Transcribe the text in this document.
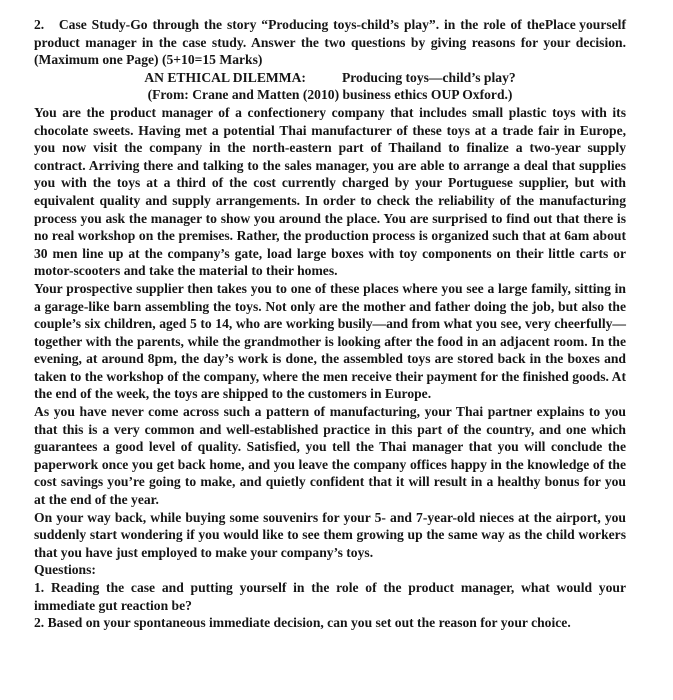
Place yourself
2. Case Study-Go through the story “Producing toys-child’s play”. in the role of the product manager in the case study. Answer the two questions by giving reasons for your decision. (Maximum one Page) (5+10=15 Marks)
AN ETHICAL DILEMMA:	Producing toys—child’s play?
(From: Crane and Matten (2010) business ethics OUP Oxford.)

You are the product manager of a confectionery company that includes small plastic toys with its chocolate sweets. Having met a potential Thai manufacturer of these toys at a trade fair in Europe, you now visit the company in the north-eastern part of Thailand to finalize a two-year supply contract. Arriving there and talking to the sales manager, you are able to arrange a deal that supplies you with the toys at a third of the cost currently charged by your Portuguese supplier, but with equivalent quality and supply arrangements. In order to check the reliability of the manufacturing process you ask the manager to show you around the place. You are surprised to find out that there is no real workshop on the premises. Rather, the production process is organized such that at 6am about 30 men line up at the company’s gate, load large boxes with toy components on their little carts or motor-scooters and take the material to their homes.

Your prospective supplier then takes you to one of these places where you see a large family, sitting in a garage-like barn assembling the toys. Not only are the mother and father doing the job, but also the couple’s six children, aged 5 to 14, who are working busily—and from what you see, very cheerfully—together with the parents, while the grandmother is looking after the food in an adjacent room. In the evening, at around 8pm, the day’s work is done, the assembled toys are stored back in the boxes and taken to the workshop of the company, where the men receive their payment for the finished goods. At the end of the week, the toys are shipped to the customers in Europe.

As you have never come across such a pattern of manufacturing, your Thai partner explains to you that this is a very common and well-established practice in this part of the country, and one which guarantees a good level of quality. Satisfied, you tell the Thai manager that you will conclude the paperwork once you get back home, and you leave the company offices happy in the knowledge of the cost savings you’re going to make, and quietly confident that it will result in a healthy bonus for you at the end of the year.

On your way back, while buying some souvenirs for your 5- and 7-year-old nieces at the airport, you suddenly start wondering if you would like to see them growing up the same way as the child workers that you have just employed to make your company’s toys.

Questions:

1. Reading the case and putting yourself in the role of the product manager, what would your immediate gut reaction be?

2. Based on your spontaneous immediate decision, can you set out the reason for your choice.
